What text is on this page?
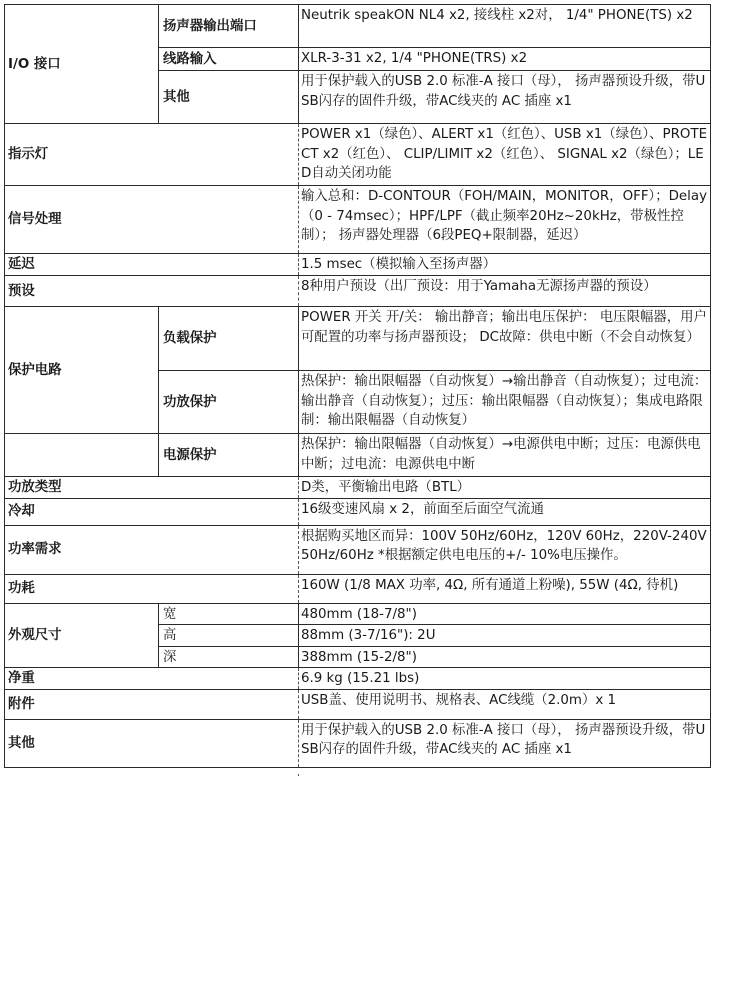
I/O 接口	扬声器输出端口	Neutrik speakON NL4 x2, 接线柱 x2对， 1/4" PHONE(TS) x2
	线路输入	XLR-3-31 x2, 1/4 "PHONE(TRS) x2
	其他	用于保护载入的USB 2.0 标准-A 接口（母）， 扬声器预设升级，带USB闪存的固件升级，带AC线夹的 AC 插座 x1
指示灯		POWER x1（绿色）、ALERT x1（红色）、USB x1（绿色）、PROTECT x2（红色）、 CLIP/LIMIT x2（红色）、 SIGNAL x2（绿色）；LED自动关闭功能
信号处理		输入总和：D-CONTOUR（FOH/MAIN，MONITOR，OFF）；Delay（0 - 74msec）；HPF/LPF（截止频率20Hz~20kHz，带极性控制）； 扬声器处理器（6段PEQ+限制器，延迟）

延迟		1.5 msec（模拟输入至扬声器）
预设		8种用户预设（出厂预设：用于Yamaha无源扬声器的预设）
保护电路	负载保护	POWER 开关 开/关： 输出静音；输出电压保护： 电压限幅器，用户可配置的功率与扬声器预设； DC故障：供电中断（不会自动恢复）
	功放保护	热保护：输出限幅器（自动恢复）→输出静音（自动恢复）；过电流：输出静音（自动恢复）；过压：输出限幅器（自动恢复）；集成电路限制：输出限幅器（自动恢复）
	电源保护	热保护：输出限幅器（自动恢复）→电源供电中断；过压：电源供电中断；过电流：电源供电中断
功放类型		D类，平衡输出电路（BTL）
冷却		16级变速风扇 x 2，前面至后面空气流通
功率需求		根据购买地区而异：100V 50Hz/60Hz，120V 60Hz，220V-240V 50Hz/60Hz *根据额定供电电压的+/- 10%电压操作。
功耗		160W (1/8 MAX 功率, 4Ω, 所有通道上粉噪), 55W (4Ω, 待机)
外观尺寸	宽	480mm (18-7/8")
	高	88mm (3-7/16"): 2U
	深	388mm (15-2/8")
净重		6.9 kg (15.21 lbs)
附件		USB盖、使用说明书、规格表、AC线缆（2.0m）x 1
其他		用于保护载入的USB 2.0 标准-A 接口（母）， 扬声器预设升级，带USB闪存的固件升级，带AC线夹的 AC 插座 x1
